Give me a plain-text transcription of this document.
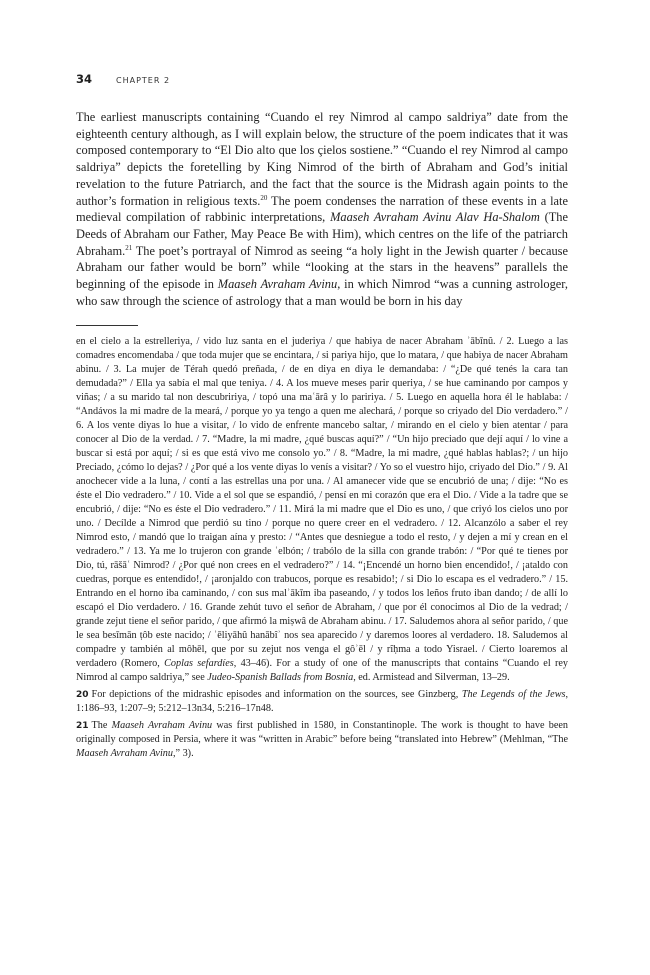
34	CHAPTER 2

The earliest manuscripts containing “Cuando el rey Nimrod al campo saldriya” date from the eighteenth century although, as I will explain below, the structure of the poem indicates that it was composed contemporary to “El Dio alto que los çielos sostiene.” “Cuando el rey Nimrod al campo saldriya” depicts the foretelling by King Nimrod of the birth of Abraham and God’s initial revelation to the future Patriarch, and the fact that the source is the Midrash again points to the author’s formation in religious texts.$^{20}$ The poem condenses the narration of these events in a late medieval compilation of rabbinic interpretations, Maaseh Avraham Avinu Alav Ha-Shalom (The Deeds of Abraham our Father, May Peace Be with Him), which centres on the life of the patriarch Abraham.$^{21}$ The poet’s portrayal of Nimrod as seeing “a holy light in the Jewish quarter / because Abraham our father would be born” while “looking at the stars in the heavens” parallels the beginning of the episode in Maaseh Avraham Avinu, in which Nimrod “was a cunning astrologer, who saw through the science of astrology that a man would be born in his day

en el cielo a la estrelleriya, / vido luz santa en el juderiya / que habiya de nacer Abraham ʾābīnû. / 2. Luego a las comadres encomendaba / que toda mujer que se encintara, / si pariya hijo, que lo matara, / que habiya de nacer Abraham abinu. / 3. La mujer de Térah quedó preñada, / de en diya en diya le demandaba: / “¿De qué tenés la cara tan demudada?” / Ella ya sabía el mal que teniya. / 4. A los mueve meses parir queriya, / se hue caminando por campos y viñas; / a su marido tal non descubririya, / topó una maʿārâ y lo paririya. / 5. Luego en aquella hora él le hablaba: / “Andávos la mi madre de la meará, / porque yo ya tengo a quen me alechará, / porque so criyado del Dio verdadero.” / 6. A los vente diyas lo hue a visitar, / lo vido de enfrente mancebo saltar, / mirando en el cielo y bien atentar / para conocer al Dio de la verdad. / 7. “Madre, la mi madre, ¿qué buscas aquí?” / “Un hijo preciado que dejí aquí / lo vine a buscar si está por aquí; / si es que está vivo me consolo yo.” / 8. “Madre, la mi madre, ¿qué hablas hablas?; / un hijo Preciado, ¿cómo lo dejas? / ¿Por qué a los vente diyas lo venís a visitar? / Yo so el vuestro hijo, criyado del Dio.” / 9. Al anochecer vide a la luna, / contí a las estrellas una por una. / Al amanecer vide que se encubrió de una; / dije: “No es éste el Dio vedradero.” / 10. Vide a el sol que se espandió, / pensí en mi corazón que era el Dio. / Vide a la tadre que se encubrió, / dije: “No es éste el Dio vedradero.” / 11. Mirá la mi madre que el Dio es uno, / que criyó los cielos uno por uno. / Decílde a Nimrod que perdió su tino / porque no quere creer en el vedradero. / 12. Alcanzólo a saber el rey Nimrod esto, / mandó que lo traigan aína y presto: / “Antes que desniegue a todo el resto, / y dejen a mí y crean en el vedradero.” / 13. Ya me lo trujeron con grande ʿelbón; / trabólo de la silla con grande trabón: / “Por qué te tienes por Dio, tú, rāšāʿ Nimrod? / ¿Por qué non crees en el vedradero?” / 14. “¡Encendé un horno bien encendido!, / ¡ataldo con cuedras, porque es entendido!, / ¡aronjaldo con trabucos, porque es resabido!; / si Dio lo escapa es el vedradero.” / 15. Entrando en el horno iba caminando, / con sus malʾākīm iba paseando, / y todos los leños fruto iban dando; / de allí lo escapó el Dio verdadero. / 16. Grande zehút tuvo el señor de Abraham, / que por él conocimos al Dio de la vedrad; / grande zejut tiene el señor parido, / que afirmó la miṣwâ de Abraham abinu. / 17. Saludemos ahora al señor parido, / que le sea besīmān ṭôb este nacido; / ʾēliyāhû hanābîʾ nos sea aparecido / y daremos loores al verdadero. 18. Saludemos al compadre y también al môhēl, que por su zejut nos venga el gôʾēl / y rîḥma a todo Yisrael. / Cierto loaremos al verdadero (Romero, Coplas sefardíes, 43–46). For a study of one of the manuscripts that contains “Cuando el rey Nimrod al campo saldriya,” see Judeo-Spanish Ballads from Bosnia, ed. Armistead and Silverman, 13–29.
20 For depictions of the midrashic episodes and information on the sources, see Ginzberg, The Legends of the Jews, 1:186–93, 1:207–9; 5:212–13n34, 5:216–17n48.
21 The Maaseh Avraham Avinu was first published in 1580, in Constantinople. The work is thought to have been originally composed in Persia, where it was “written in Arabic” before being “translated into Hebrew” (Mehlman, “The Maaseh Avraham Avinu,” 3).
